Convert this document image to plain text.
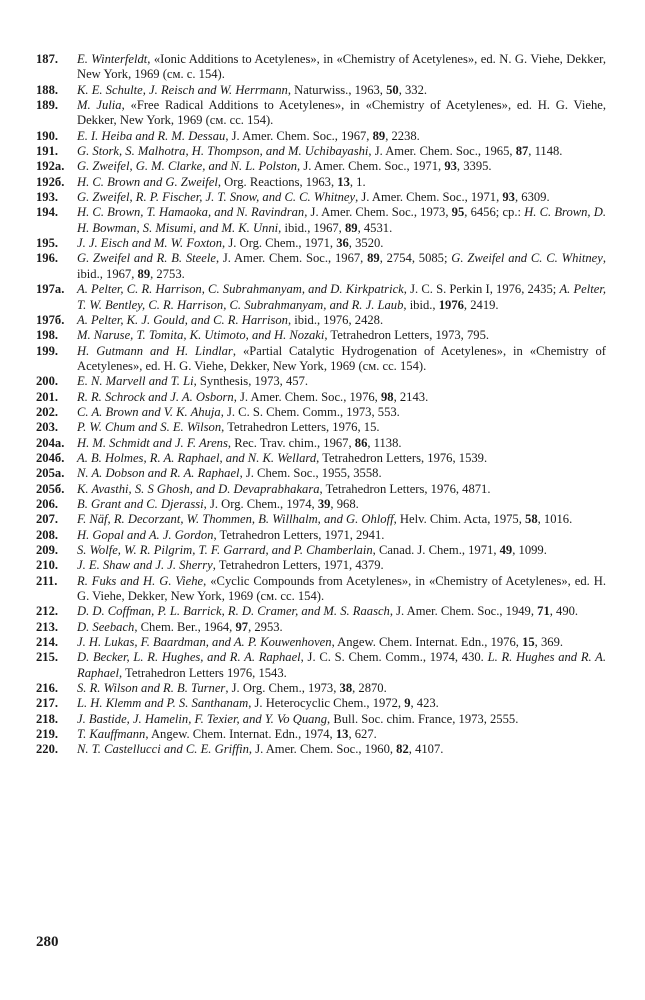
187.	E. Winterfeldt, «Ionic Additions to Acetylenes», in «Chemistry of Acetylenes», ed. N. G. Viehe, Dekker, New York, 1969 (см. с. 154).
188.	K. E. Schulte, J. Reisch and W. Herrmann, Naturwiss., 1963, 50, 332.
189.	M. Julia, «Free Radical Additions to Acetylenes», in «Chemistry of Acetylenes», ed. H. G. Viehe, Dekker, New York, 1969 (см. сс. 154).
190.	E. I. Heiba and R. M. Dessau, J. Amer. Chem. Soc., 1967, 89, 2238.
191.	G. Stork, S. Malhotra, H. Thompson, and M. Uchibayashi, J. Amer. Chem. Soc., 1965, 87, 1148.
192а.	G. Zweifel, G. M. Clarke, and N. L. Polston, J. Amer. Chem. Soc., 1971, 93, 3395.
192б.	H. C. Brown and G. Zweifel, Org. Reactions, 1963, 13, 1.
193.	G. Zweifel, R. P. Fischer, J. T. Snow, and C. C. Whitney, J. Amer. Chem. Soc., 1971, 93, 6309.
194.	H. C. Brown, T. Hamaoka, and N. Ravindran, J. Amer. Chem. Soc., 1973, 95, 6456; ср.: H. C. Brown, D. H. Bowman, S. Misumi, and M. K. Unni, ibid., 1967, 89, 4531.
195.	J. J. Eisch and M. W. Foxton, J. Org. Chem., 1971, 36, 3520.
196.	G. Zweifel and R. B. Steele, J. Amer. Chem. Soc., 1967, 89, 2754, 5085; G. Zweifel and C. C. Whitney, ibid., 1967, 89, 2753.
197а.	A. Pelter, C. R. Harrison, C. Subrahmanyam, and D. Kirkpatrick, J. C. S. Perkin I, 1976, 2435; A. Pelter, T. W. Bentley, C. R. Harrison, C. Subrahmanyam, and R. J. Laub, ibid., 1976, 2419.
197б.	A. Pelter, K. J. Gould, and C. R. Harrison, ibid., 1976, 2428.
198.	M. Naruse, T. Tomita, K. Utimoto, and H. Nozaki, Tetrahedron Letters, 1973, 795.
199.	H. Gutmann and H. Lindlar, «Partial Catalytic Hydrogenation of Acetylenes», in «Chemistry of Acetylenes», ed. H. G. Viehe, Dekker, New York, 1969 (см. сс. 154).
200.	E. N. Marvell and T. Li, Synthesis, 1973, 457.
201.	R. R. Schrock and J. A. Osborn, J. Amer. Chem. Soc., 1976, 98, 2143.
202.	C. A. Brown and V. K. Ahuja, J. C. S. Chem. Comm., 1973, 553.
203.	P. W. Chum and S. E. Wilson, Tetrahedron Letters, 1976, 15.
204а.	H. M. Schmidt and J. F. Arens, Rec. Trav. chim., 1967, 86, 1138.
204б.	A. B. Holmes, R. A. Raphael, and N. K. Wellard, Tetrahedron Letters, 1976, 1539.
205а.	N. A. Dobson and R. A. Raphael, J. Chem. Soc., 1955, 3558.
205б.	K. Avasthi, S. S Ghosh, and D. Devaprabhakara, Tetrahedron Letters, 1976, 4871.
206.	B. Grant and C. Djerassi, J. Org. Chem., 1974, 39, 968.
207.	F. Näf, R. Decorzant, W. Thommen, B. Willhalm, and G. Ohloff, Helv. Chim. Acta, 1975, 58, 1016.
208.	H. Gopal and A. J. Gordon, Tetrahedron Letters, 1971, 2941.
209.	S. Wolfe, W. R. Pilgrim, T. F. Garrard, and P. Chamberlain, Canad. J. Chem., 1971, 49, 1099.
210.	J. E. Shaw and J. J. Sherry, Tetrahedron Letters, 1971, 4379.
211.	R. Fuks and H. G. Viehe, «Cyclic Compounds from Acetylenes», in «Chemistry of Acetylenes», ed. H. G. Viehe, Dekker, New York, 1969 (см. сс. 154).
212.	D. D. Coffman, P. L. Barrick, R. D. Cramer, and M. S. Raasch, J. Amer. Chem. Soc., 1949, 71, 490.
213.	D. Seebach, Chem. Ber., 1964, 97, 2953.
214.	J. H. Lukas, F. Baardman, and A. P. Kouwenhoven, Angew. Chem. Internat. Edn., 1976, 15, 369.
215.	D. Becker, L. R. Hughes, and R. A. Raphael, J. C. S. Chem. Comm., 1974, 430. L. R. Hughes and R. A. Raphael, Tetrahedron Letters 1976, 1543.
216.	S. R. Wilson and R. B. Turner, J. Org. Chem., 1973, 38, 2870.
217.	L. H. Klemm and P. S. Santhanam, J. Heterocyclic Chem., 1972, 9, 423.
218.	J. Bastide, J. Hamelin, F. Texier, and Y. Vo Quang, Bull. Soc. chim. France, 1973, 2555.
219.	T. Kauffmann, Angew. Chem. Internat. Edn., 1974, 13, 627.
220.	N. T. Castellucci and C. E. Griffin, J. Amer. Chem. Soc., 1960, 82, 4107.
280
